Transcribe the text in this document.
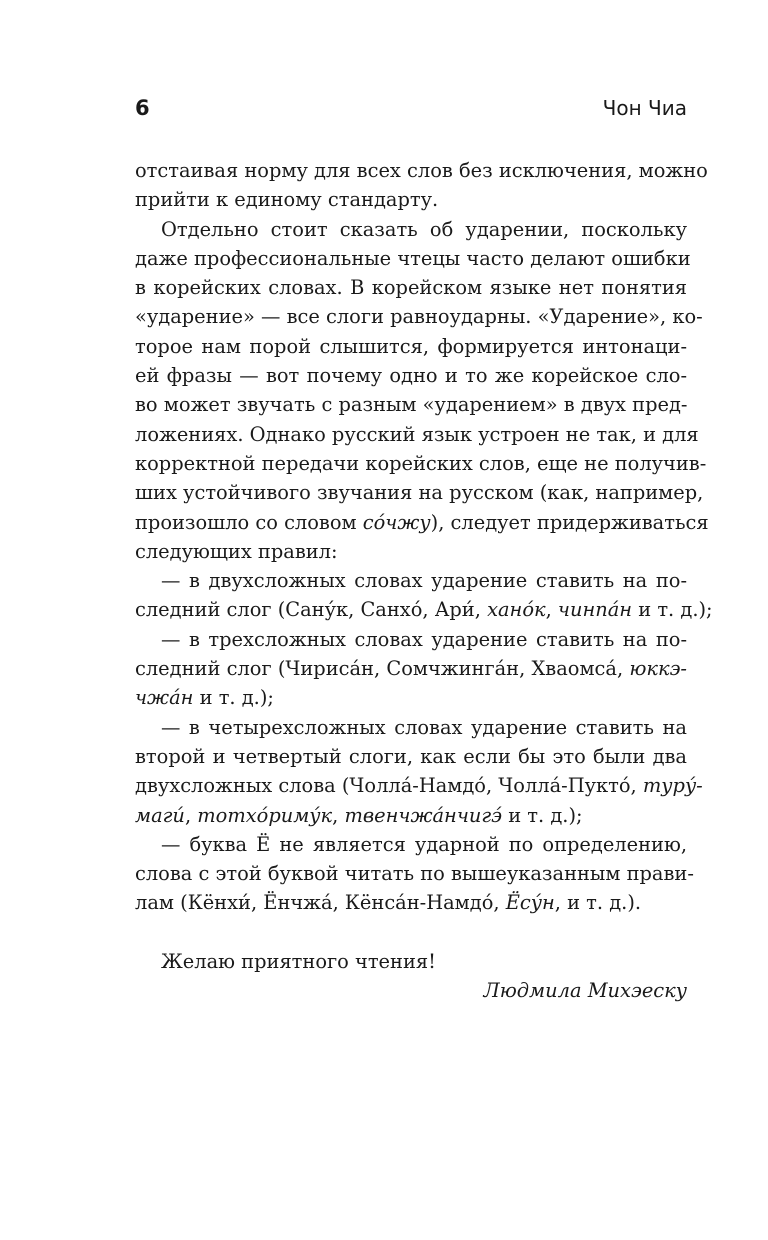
6	Чон Чиа
отстаивая норму для всех слов без исключения, можно
прийти к единому стандарту.
Отдельно стоит сказать об ударении, поскольку
даже профессиональные чтецы часто делают ошибки
в корейских словах. В корейском языке нет понятия
«ударение» — все слоги равноударны. «Ударение», ко-
торое нам порой слышится, формируется интонаци-
ей фразы — вот почему одно и то же корейское сло-
во может звучать с разным «ударением» в двух пред-
ложениях. Однако русский язык устроен не так, и для
корректной передачи корейских слов, еще не получив-
ших устойчивого звучания на русском (как, например,
произошло со словом со́чжу), следует придерживаться
следующих правил:
— в двухсложных словах ударение ставить на по-
следний слог (Сану́к, Санхо́, Ари́, хано́к, чинпа́н и т. д.);
— в трехсложных словах ударение ставить на по-
следний слог (Чириса́н, Сомчжинга́н, Хваомса́, юккэ-
чжа́н и т. д.);
— в четырехсложных словах ударение ставить на
второй и четвертый слоги, как если бы это были два
двухсложных слова (Чолла́-Намдо́, Чолла́-Пукто́, туру́-
маги́, тотхо́риму́к, твенчжа́нчигэ́ и т. д.);
— буква Ё не является ударной по определению,
слова с этой буквой читать по вышеуказанным прави-
лам (Кёнхи́, Ёнчжа́, Кёнса́н-Намдо́, Ёсу́н, и т. д.).
Желаю приятного чтения!
Людмила Михэеску
